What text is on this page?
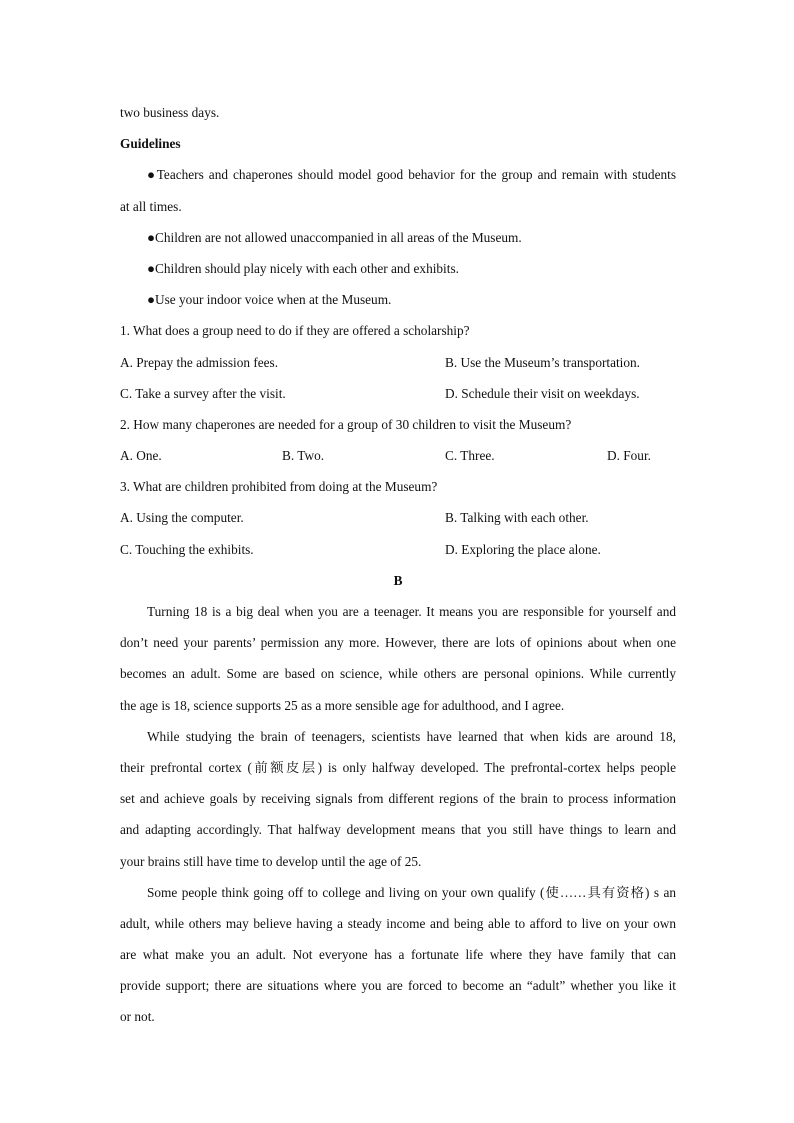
two business days.
Guidelines
●Teachers and chaperones should model good behavior for the group and remain with students
at all times.
●Children are not allowed unaccompanied in all areas of the Museum.
●Children should play nicely with each other and exhibits.
●Use your indoor voice when at the Museum.
1. What does a group need to do if they are offered a scholarship?
A. Prepay the admission fees.	B. Use the Museum’s transportation.
C. Take a survey after the visit.	D. Schedule their visit on weekdays.
2. How many chaperones are needed for a group of 30 children to visit the Museum?
A. One.	B. Two.	C. Three.	D. Four.
3. What are children prohibited from doing at the Museum?
A. Using the computer.	B. Talking with each other.
C. Touching the exhibits.	D. Exploring the place alone.
B
Turning 18 is a big deal when you are a teenager. It means you are responsible for yourself and
don’t need your parents’ permission any more. However, there are lots of opinions about when one
becomes an adult. Some are based on science, while others are personal opinions. While currently
the age is 18, science supports 25 as a more sensible age for adulthood, and I agree.
While studying the brain of teenagers, scientists have learned that when kids are around 18,
their prefrontal cortex (前额皮层) is only halfway developed. The prefrontal-cortex helps people
set and achieve goals by receiving signals from different regions of the brain to process information
and adapting accordingly. That halfway development means that you still have things to learn and
your brains still have time to develop until the age of 25.
Some people think going off to college and living on your own qualify (使……具有资格) s an
adult, while others may believe having a steady income and being able to afford to live on your own
are what make you an adult. Not everyone has a fortunate life where they have family that can
provide support; there are situations where you are forced to become an “adult” whether you like it
or not.
